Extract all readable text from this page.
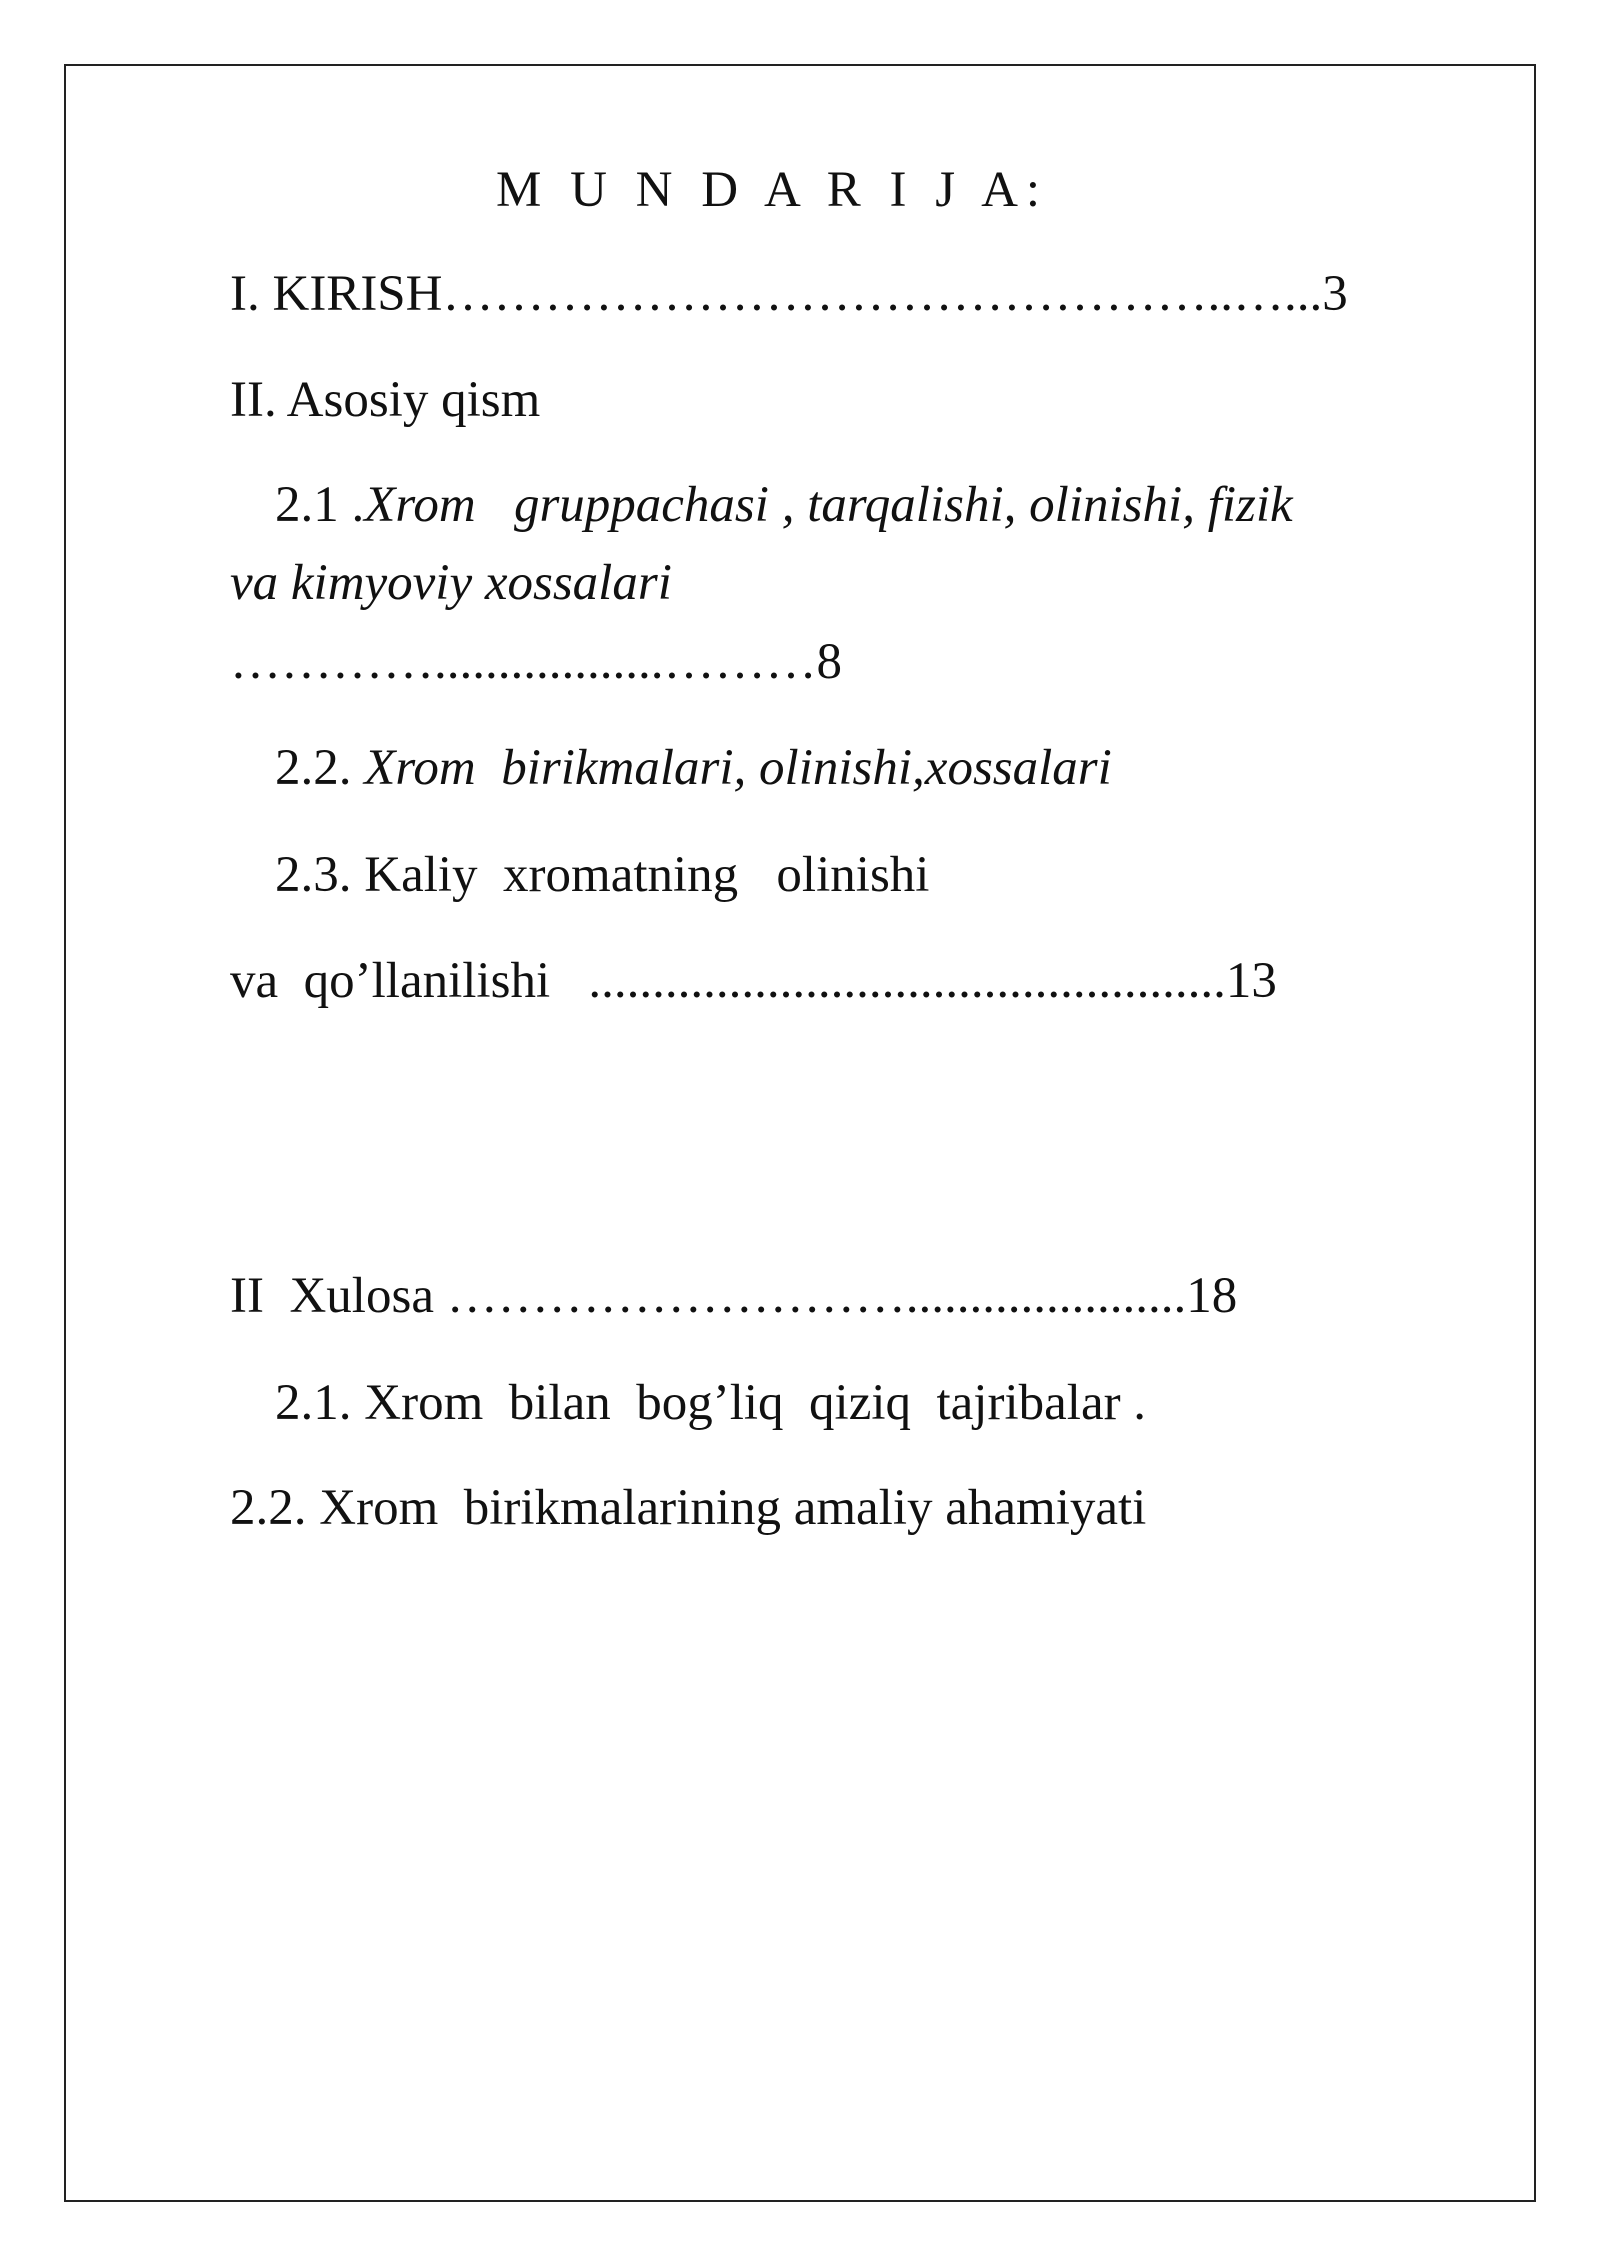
M U N D A R I J A:
I. KIRISH………………………………………..…...3
II. Asosiy qism
2.1 .Xrom   gruppachasi , tarqalishi, olinishi, fizik
va kimyoviy xossalari
…………..................………8
2.2. Xrom  birikmalari, olinishi,xossalari
2.3. Kaliy  xromatning   olinishi
va  qo’llanilishi   ..................................................13
II  Xulosa ………………………......................18
2.1. Xrom  bilan  bog’liq  qiziq  tajribalar .
2.2. Xrom  birikmalarining amaliy ahamiyati
